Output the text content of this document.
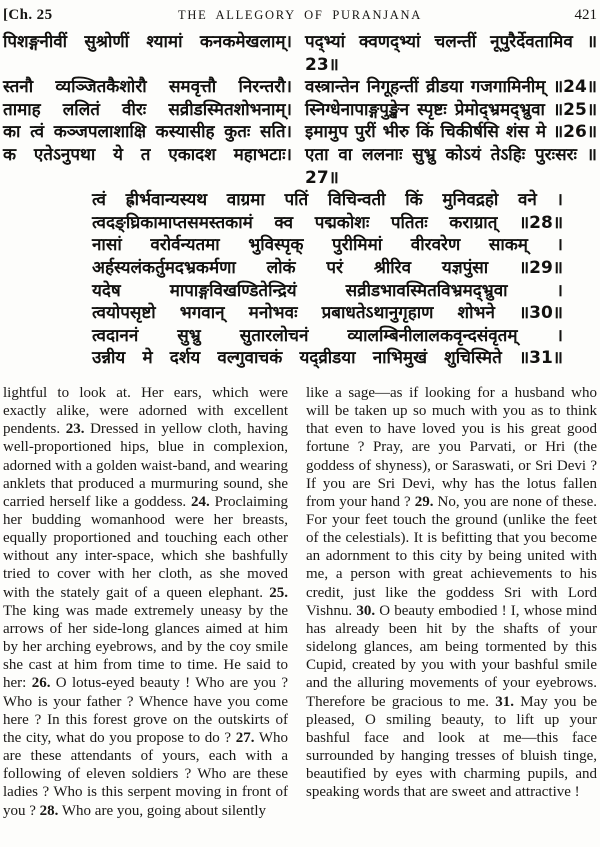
[Ch. 25	THE ALLEGORY OF PURANJANA	421
पिशङ्गनीवीं सुश्रोणीं श्यामां कनकमेखलाम्। पद्भ्यां क्वणद्भ्यां चलन्तीं नूपुरैर्देवतामिव ॥23॥
स्तनौ व्यञ्जितकैशोरौ समवृत्तौ निरन्तरौ। वस्त्रान्तेन निगूहन्तीं व्रीडया गजगामिनीम् ॥24॥
तामाह ललितं वीरः सव्रीडस्मितशोभनाम्। स्निग्धेनापाङ्गपुङ्खेन स्पृष्टः प्रेमोद्भ्रमद्भ्रुवा ॥25॥
का त्वं कञ्जपलाशाक्षि कस्यासीह कुतः सति। इमामुप पुरीं भीरु किं चिकीर्षसि शंस मे ॥26॥
क एतेऽनुपथा ये त एकादश महाभटाः। एता वा ललनाः सुभ्रु कोऽयं तेऽहिः पुरःसरः ॥27॥
त्वं ह्रीर्भवान्यस्यथ वाग्रमा पतिं विचिन्वती किं मुनिवद्रहो वने ।
त्वदङ्घ्रिकामाप्तसमस्तकामं क्व पद्मकोशः पतितः कराग्रात् ॥28॥
नासां वरोर्वन्यतमा भुविस्पृक् पुरीमिमां वीरवरेण साकम् ।
अर्हस्यलंकर्तुमदभ्रकर्मणा लोकं परं श्रीरिव यज्ञपुंसा ॥29॥
यदेष मापाङ्गविखण्डितेन्द्रियं सव्रीडभावस्मितविभ्रमद्भ्रुवा ।
त्वयोपसृष्टो भगवान् मनोभवः प्रबाधतेऽथानुगृहाण शोभने ॥30॥
त्वदाननं सुभ्रु सुतारलोचनं व्यालम्बिनीलालकवृन्दसंवृतम् ।
उन्नीय मे दर्शय वल्गुवाचकं यद्व्रीडया नाभिमुखं शुचिस्मिते ॥31॥
lightful to look at. Her ears, which were exactly alike, were adorned with excellent pendents. 23. Dressed in yellow cloth, having well-proportioned hips, blue in complexion, adorned with a golden waist-band, and wearing anklets that produced a murmuring sound, she carried herself like a goddess. 24. Proclaiming her budding womanhood were her breasts, equally proportioned and touching each other without any inter-space, which she bashfully tried to cover with her cloth, as she moved with the stately gait of a queen elephant. 25. The king was made extremely uneasy by the arrows of her side-long glances aimed at him by her arching eyebrows, and by the coy smile she cast at him from time to time. He said to her: 26. O lotus-eyed beauty ! Who are you ? Who is your father ? Whence have you come here ? In this forest grove on the outskirts of the city, what do you propose to do ? 27. Who are these attendants of yours, each with a following of eleven soldiers ? Who are these ladies ? Who is this serpent moving in front of you ? 28. Who are you, going about silently
like a sage—as if looking for a husband who will be taken up so much with you as to think that even to have loved you is his great good fortune ? Pray, are you Parvati, or Hri (the goddess of shyness), or Saraswati, or Sri Devi ? If you are Sri Devi, why has the lotus fallen from your hand ? 29. No, you are none of these. For your feet touch the ground (unlike the feet of the celestials). It is befitting that you become an adornment to this city by being united with me, a person with great achievements to his credit, just like the goddess Sri with Lord Vishnu. 30. O beauty embodied ! I, whose mind has already been hit by the shafts of your sidelong glances, am being tormented by this Cupid, created by you with your bashful smile and the alluring movements of your eyebrows. Therefore be gracious to me. 31. May you be pleased, O smiling beauty, to lift up your bashful face and look at me—this face surrounded by hanging tresses of bluish tinge, beautified by eyes with charming pupils, and speaking words that are sweet and attractive !
